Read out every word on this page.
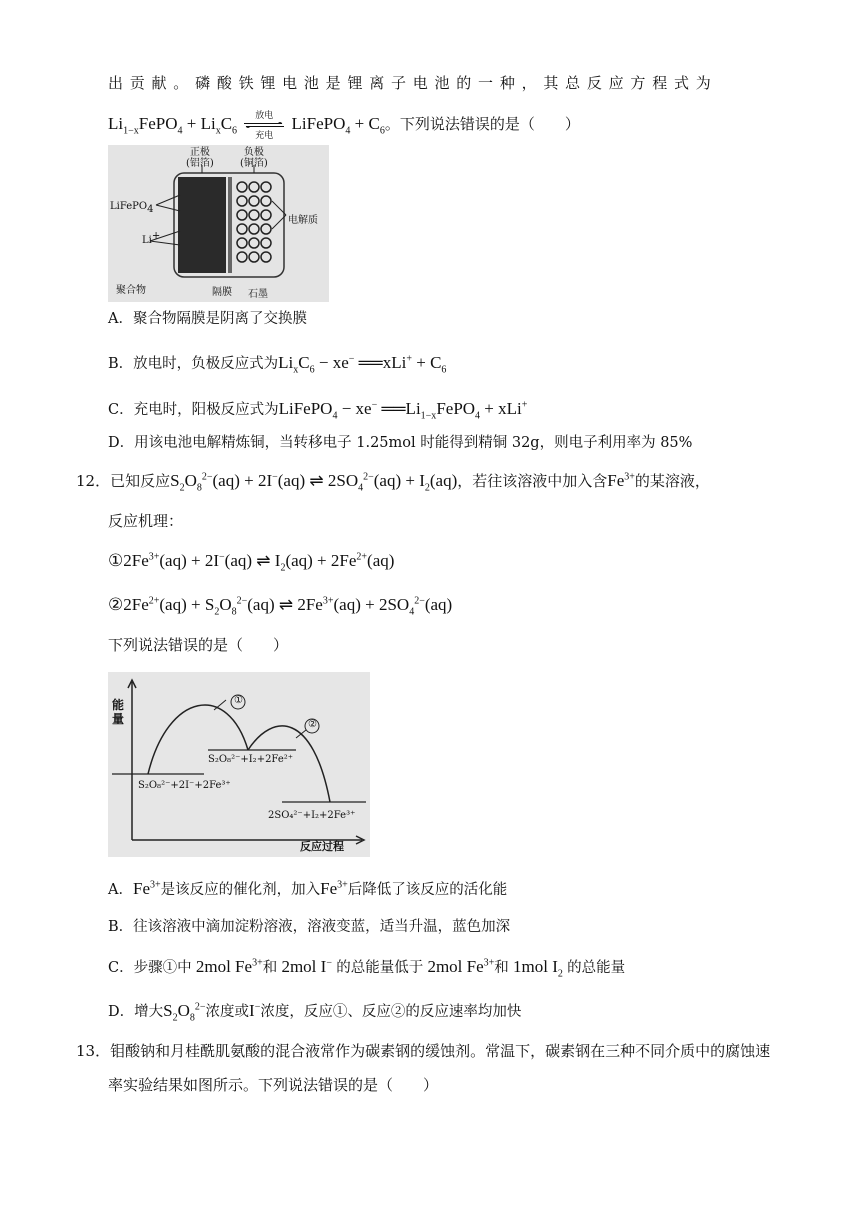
出 贡 献 。 磷 酸 铁 锂 电 池 是 锂 离 子 电 池 的 一 种 ， 其 总 反 应 方 程 式 为
$Li_{1-x}FePO_4 + Li_xC_6$
放电
充电
LiFePO$_4$ + $C_6$。下列说法错误的是（　　）
正极
(铝箔)
负极
(铜箔)
LiFePO$_4$
Li+
电解质
聚合物	隔膜 石墨
A．聚合物隔膜是阴离了交换膜
B．放电时，负极反应式为$Li_xC_6 - xe^-$ ══xLi+ + $C_6$
C．充电时，阳极反应式为LiFePO$_4$ − xe− $══Li_{1-x}FePO_4 + xLi^+$
D．用该电池电解精炼铜，当转移电子 1.25mol 时能得到精铜 32g，则电子利用率为 85%
12．已知反应$S_2O_8^{2-}(aq) + 2I^-(aq)$ ⇌ $2SO_4^{2-}(aq) + I_2(aq)$，若往该溶液中加入含$Fe^{3+}$的某溶液，
反应机理：
$①2Fe^{3+}(aq) + 2I^-(aq)$ ⇌ $I_2(aq) + 2Fe^{2+}(aq)$
$②2Fe^{2+}(aq) + S_2O_8^{2-}(aq)$ ⇌ $2Fe^{3+}(aq) + 2SO_4^{2-}(aq)$
下列说法错误的是（　　）
能
量
①
②
S₂O₈²⁻+I₂+2Fe²⁺
S₂O₈²⁻+2I⁻+2Fe³⁺
2SO₄²⁻+I₂+2Fe³⁺
反应过程
A．$Fe^{3+}$是该反应的催化剂，加入$Fe^{3+}$后降低了该反应的活化能
B．往该溶液中滴加淀粉溶液，溶液变蓝，适当升温，蓝色加深
C．步骤①中 2mol $Fe^{3+}$和 2mol I− 的总能量低于 2mol $Fe^{3+}$和 1mol $I_2$ 的总能量
D．增大$S_2O_8^{2-}$浓度或I−浓度，反应①、反应②的反应速率均加快
13．钼酸钠和月桂酰肌氨酸的混合液常作为碳素钢的缓蚀剂。常温下，碳素钢在三种不同介质中的腐蚀速
率实验结果如图所示。下列说法错误的是（　　）
